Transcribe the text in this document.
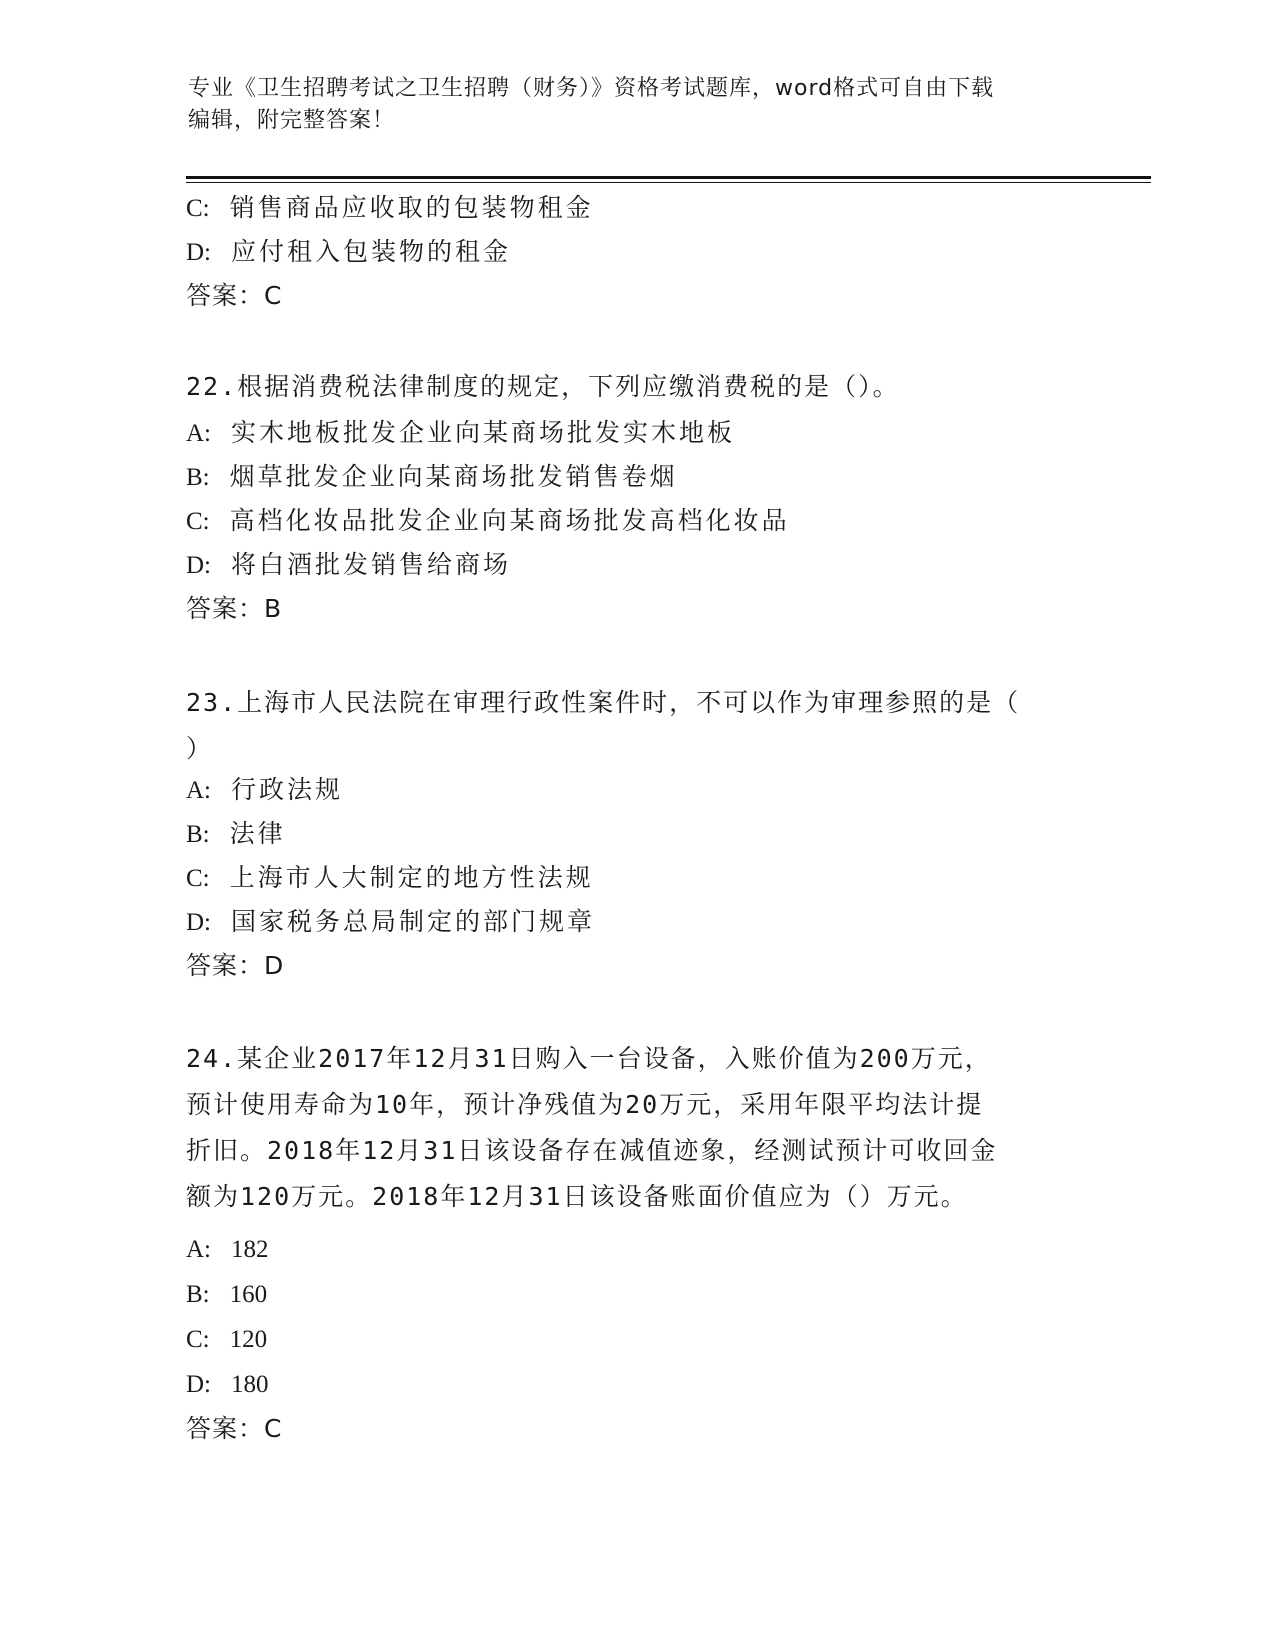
专业《卫生招聘考试之卫生招聘（财务）》资格考试题库，word格式可自由下载
编辑，附完整答案！
C: 销售商品应收取的包装物租金
D: 应付租入包装物的租金
答案：C
22.根据消费税法律制度的规定，下列应缴消费税的是（）。
A: 实木地板批发企业向某商场批发实木地板
B: 烟草批发企业向某商场批发销售卷烟
C: 高档化妆品批发企业向某商场批发高档化妆品
D: 将白酒批发销售给商场
答案：B
23.上海市人民法院在审理行政性案件时，不可以作为审理参照的是（
）
A: 行政法规
B: 法律
C: 上海市人大制定的地方性法规
D: 国家税务总局制定的部门规章
答案：D
24.某企业2017年12月31日购入一台设备，入账价值为200万元，
预计使用寿命为10年，预计净残值为20万元，采用年限平均法计提
折旧。2018年12月31日该设备存在减值迹象，经测试预计可收回金
额为120万元。2018年12月31日该设备账面价值应为（）万元。
A: 182
B: 160
C: 120
D: 180
答案：C
